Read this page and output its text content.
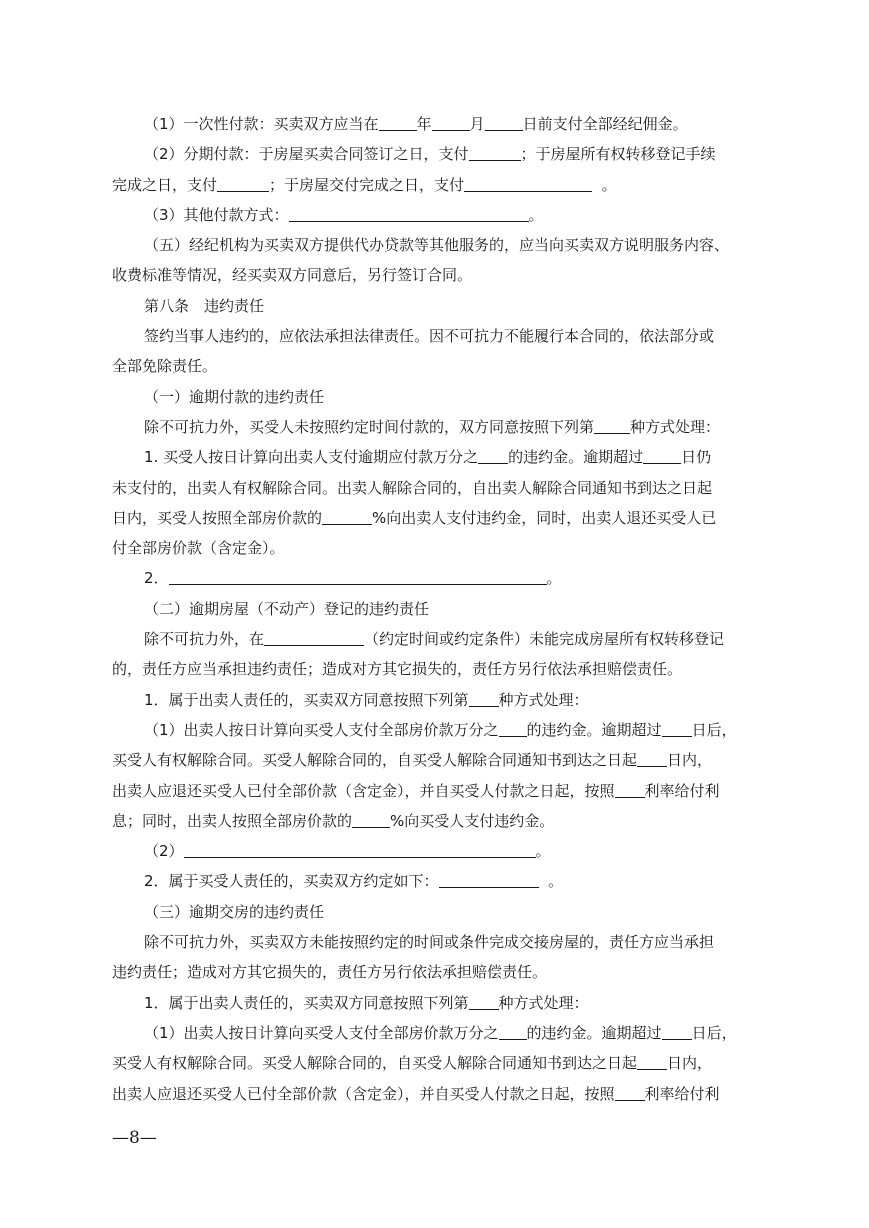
（1）一次性付款：买卖双方应当在	年	月	日前支付全部经纪佣金。

（2）分期付款：于房屋买卖合同签订之日，支付	；于房屋所有权转移登记手续

完成之日，支付	；于房屋交付完成之日，支付	。

（3）其他付款方式：	。

（五）经纪机构为买卖双方提供代办贷款等其他服务的，应当向买卖双方说明服务内容、

收费标准等情况，经买卖双方同意后，另行签订合同。

第八条　违约责任

签约当事人违约的，应依法承担法律责任。因不可抗力不能履行本合同的，依法部分或

全部免除责任。

（一）逾期付款的违约责任

除不可抗力外，买受人未按照约定时间付款的，双方同意按照下列第 种方式处理：

1. 买受人按日计算向出卖人支付逾期应付款万分之 的违约金。逾期超过	日仍

未支付的，出卖人有权解除合同。出卖人解除合同的，自出卖人解除合同通知书到达之日起

日内，买受人按照全部房价款的	%向出卖人支付违约金，同时，出卖人退还买受人已

付全部房价款（含定金）。

2．	。

（二）逾期房屋（不动产）登记的违约责任

除不可抗力外，在	（约定时间或约定条件）未能完成房屋所有权转移登记

的，责任方应当承担违约责任；造成对方其它损失的，责任方另行依法承担赔偿责任。

1．属于出卖人责任的，买卖双方同意按照下列第 种方式处理：

（1）出卖人按日计算向买受人支付全部房价款万分之 的违约金。逾期超过 日后，

买受人有权解除合同。买受人解除合同的，自买受人解除合同通知书到达之日起 日内，

出卖人应退还买受人已付全部价款（含定金），并自买受人付款之日起，按照 利率给付利

息；同时，出卖人按照全部房价款的	%向买受人支付违约金。

（2）	。

2．属于买受人责任的，买卖双方约定如下：	。

（三）逾期交房的违约责任

除不可抗力外，买卖双方未能按照约定的时间或条件完成交接房屋的，责任方应当承担

违约责任；造成对方其它损失的，责任方另行依法承担赔偿责任。

1．属于出卖人责任的，买卖双方同意按照下列第 种方式处理：

（1）出卖人按日计算向买受人支付全部房价款万分之 的违约金。逾期超过 日后，

买受人有权解除合同。买受人解除合同的，自买受人解除合同通知书到达之日起 日内，

出卖人应退还买受人已付全部价款（含定金），并自买受人付款之日起，按照 利率给付利

—8—
